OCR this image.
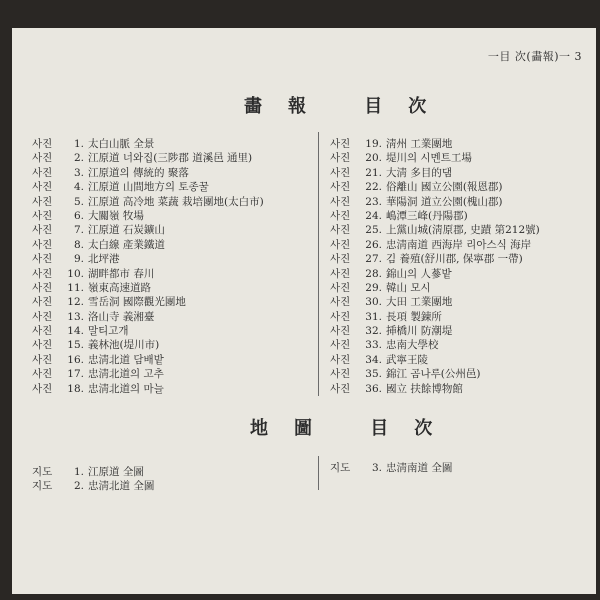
一目 次(畵報)一 3
畵報 目次
사진	1. 太白山脈 全景
사진	2. 江原道 너와집(三陟郡 道溪邑 通里)
사진	3. 江原道의 傳統的 聚落
사진	4. 江原道 山間地方의 토종꿀
사진	5. 江原道 高冷地 菜蔬 栽培團地(太白市)
사진	6. 大關嶺 牧場
사진	7. 江原道 石炭鑛山
사진	8. 太白線 產業鐵道
사진	9. 北坪港
사진	10. 湖畔都市 春川
사진	11. 嶺東高速道路
사진	12. 雪岳洞 國際觀光團地
사진	13. 洛山寺 義湘臺
사진	14. 말티고개
사진	15. 義林池(堤川市)
사진	16. 忠淸北道 담배밭
사진	17. 忠淸北道의 고추
사진	18. 忠淸北道의 마늘
사진	19. 淸州 工業團地
사진	20. 堤川의 시멘트工場
사진	21. 大淸 多目的댐
사진	22. 俗離山 國立公園(報恩郡)
사진	23. 華陽洞 道立公園(槐山郡)
사진	24. 嶋潭三峰(丹陽郡)
사진	25. 上黨山城(淸原郡, 史蹟 第212號)
사진	26. 忠淸南道 西海岸 리아스식 海岸
사진	27. 김 養殖(舒川郡, 保寧郡 一帶)
사진	28. 錦山의 人蔘밭
사진	29. 韓山 모시
사진	30. 大田 工業團地
사진	31. 長項 製錬所
사진	32. 挿橋川 防潮堤
사진	33. 忠南大學校
사진	34. 武寧王陵
사진	35. 錦江 곰나루(公州邑)
사진	36. 國立 扶餘博物館
地圖 目次
지도	1. 江原道 全圖
지도	2. 忠淸北道 全圖
지도	3. 忠淸南道 全圖
